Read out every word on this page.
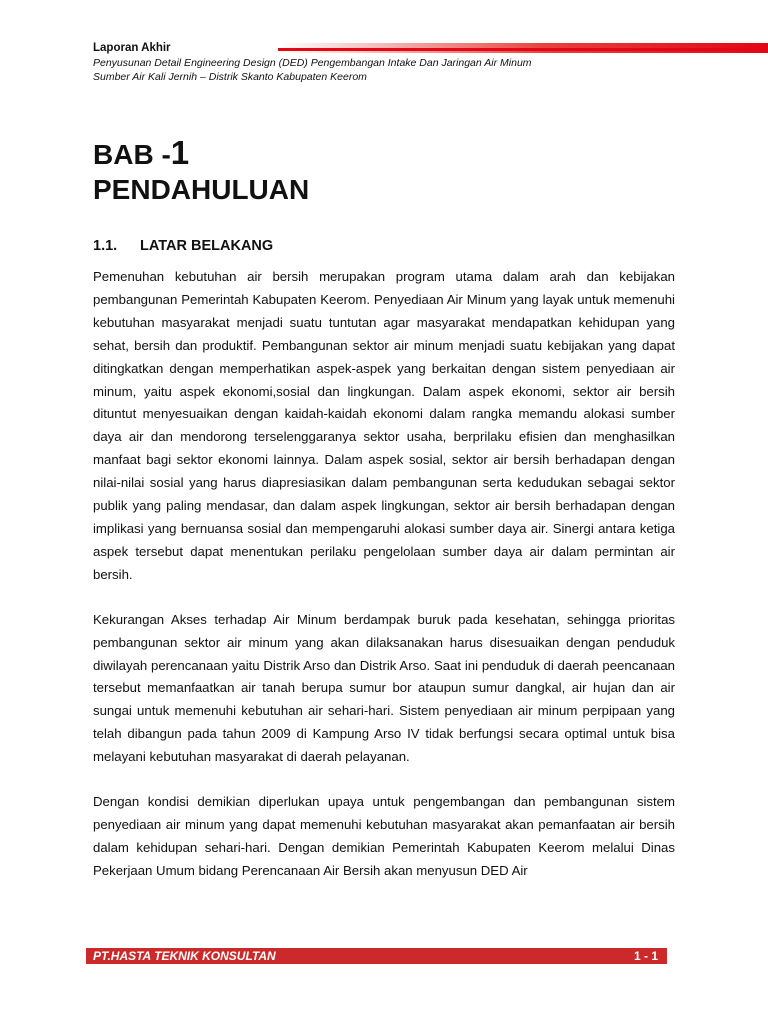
Laporan Akhir

Penyusunan Detail Engineering Design (DED) Pengembangan Intake Dan Jaringan Air Minum

Sumber Air Kali Jernih – Distrik Skanto Kabupaten Keerom

BAB -1

PENDAHULUAN

1.1. LATAR BELAKANG

Pemenuhan kebutuhan air bersih merupakan program utama dalam arah dan kebijakan pembangunan Pemerintah Kabupaten Keerom. Penyediaan Air Minum yang layak untuk memenuhi kebutuhan masyarakat menjadi suatu tuntutan agar masyarakat mendapatkan kehidupan yang sehat, bersih dan produktif. Pembangunan sektor air minum menjadi suatu kebijakan yang dapat ditingkatkan dengan memperhatikan aspek-aspek yang berkaitan dengan sistem penyediaan air minum, yaitu aspek ekonomi,sosial dan lingkungan. Dalam aspek ekonomi, sektor air bersih dituntut menyesuaikan dengan kaidah-kaidah ekonomi dalam rangka memandu alokasi sumber daya air dan mendorong terselenggaranya sektor usaha, berprilaku efisien dan menghasilkan manfaat bagi sektor ekonomi lainnya. Dalam aspek sosial, sektor air bersih berhadapan dengan nilai-nilai sosial yang harus diapresiasikan dalam pembangunan serta kedudukan sebagai sektor publik yang paling mendasar, dan dalam aspek lingkungan, sektor air bersih berhadapan dengan implikasi yang bernuansa sosial dan mempengaruhi alokasi sumber daya air. Sinergi antara ketiga aspek tersebut dapat menentukan perilaku pengelolaan sumber daya air dalam permintan air bersih.

Kekurangan Akses terhadap Air Minum berdampak buruk pada kesehatan, sehingga prioritas pembangunan sektor air minum yang akan dilaksanakan harus disesuaikan dengan penduduk diwilayah perencanaan yaitu Distrik Arso dan Distrik Arso. Saat ini penduduk di daerah peencanaan tersebut memanfaatkan air tanah berupa sumur bor ataupun sumur dangkal, air hujan dan air sungai untuk memenuhi kebutuhan air sehari-hari. Sistem penyediaan air minum perpipaan yang telah dibangun pada tahun 2009 di Kampung Arso IV tidak berfungsi secara optimal untuk bisa melayani kebutuhan masyarakat di daerah pelayanan.

Dengan kondisi demikian diperlukan upaya untuk pengembangan dan pembangunan sistem penyediaan air minum yang dapat memenuhi kebutuhan masyarakat akan pemanfaatan air bersih dalam kehidupan sehari-hari. Dengan demikian Pemerintah Kabupaten Keerom melalui Dinas Pekerjaan Umum bidang Perencanaan Air Bersih akan menyusun DED Air

PT.HASTA TEKNIK KONSULTAN	1 - 1
